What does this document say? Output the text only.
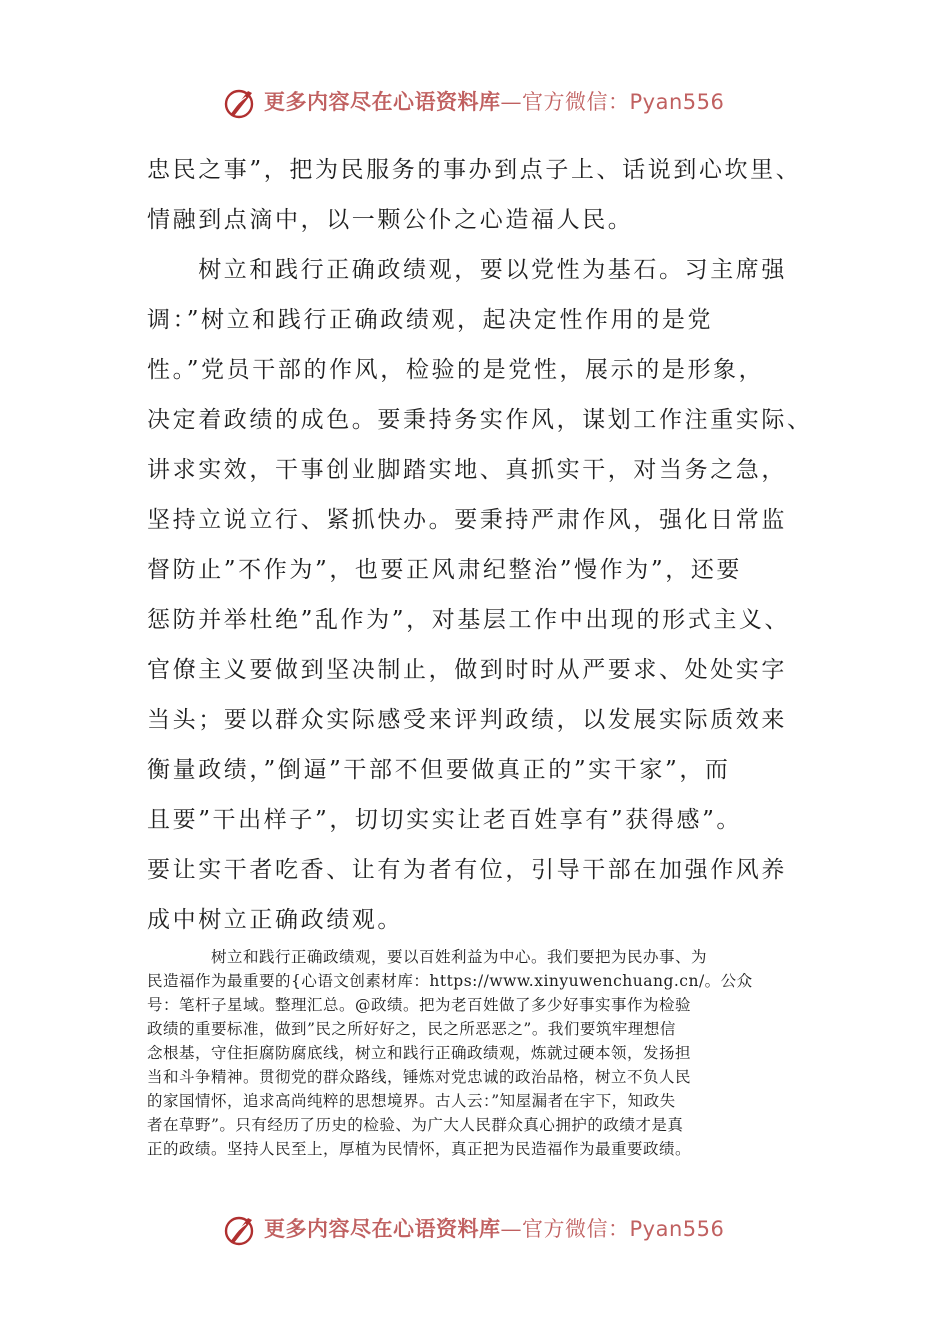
更多内容尽在心语资料库—官方微信：Pyan556
忠民之事”，把为民服务的事办到点子上、话说到心坎里、
情融到点滴中，以一颗公仆之心造福人民。
　　树立和践行正确政绩观，要以党性为基石。习主席强
调：”树立和践行正确政绩观，起决定性作用的是党
性。”党员干部的作风，检验的是党性，展示的是形象，
决定着政绩的成色。要秉持务实作风，谋划工作注重实际、
讲求实效，干事创业脚踏实地、真抓实干，对当务之急，
坚持立说立行、紧抓快办。要秉持严肃作风，强化日常监
督防止”不作为”，也要正风肃纪整治”慢作为”，还要
惩防并举杜绝”乱作为”，对基层工作中出现的形式主义、
官僚主义要做到坚决制止，做到时时从严要求、处处实字
当头；要以群众实际感受来评判政绩，以发展实际质效来
衡量政绩，”倒逼”干部不但要做真正的”实干家”，而
且要”干出样子”，切切实实让老百姓享有”获得感”。
要让实干者吃香、让有为者有位，引导干部在加强作风养
成中树立正确政绩观。
　　　　树立和践行正确政绩观，要以百姓利益为中心。我们要把为民办事、为
民造福作为最重要的{心语文创素材库：https://www.xinyuwenchuang.cn/。公众
号：笔杆子星域。整理汇总。@政绩。把为老百姓做了多少好事实事作为检验
政绩的重要标准，做到”民之所好好之，民之所恶恶之”。我们要筑牢理想信
念根基，守住拒腐防腐底线，树立和践行正确政绩观，炼就过硬本领，发扬担
当和斗争精神。贯彻党的群众路线，锤炼对党忠诚的政治品格，树立不负人民
的家国情怀，追求高尚纯粹的思想境界。古人云：”知屋漏者在宇下，知政失
者在草野”。只有经历了历史的检验、为广大人民群众真心拥护的政绩才是真
正的政绩。坚持人民至上，厚植为民情怀，真正把为民造福作为最重要政绩。
更多内容尽在心语资料库—官方微信：Pyan556
